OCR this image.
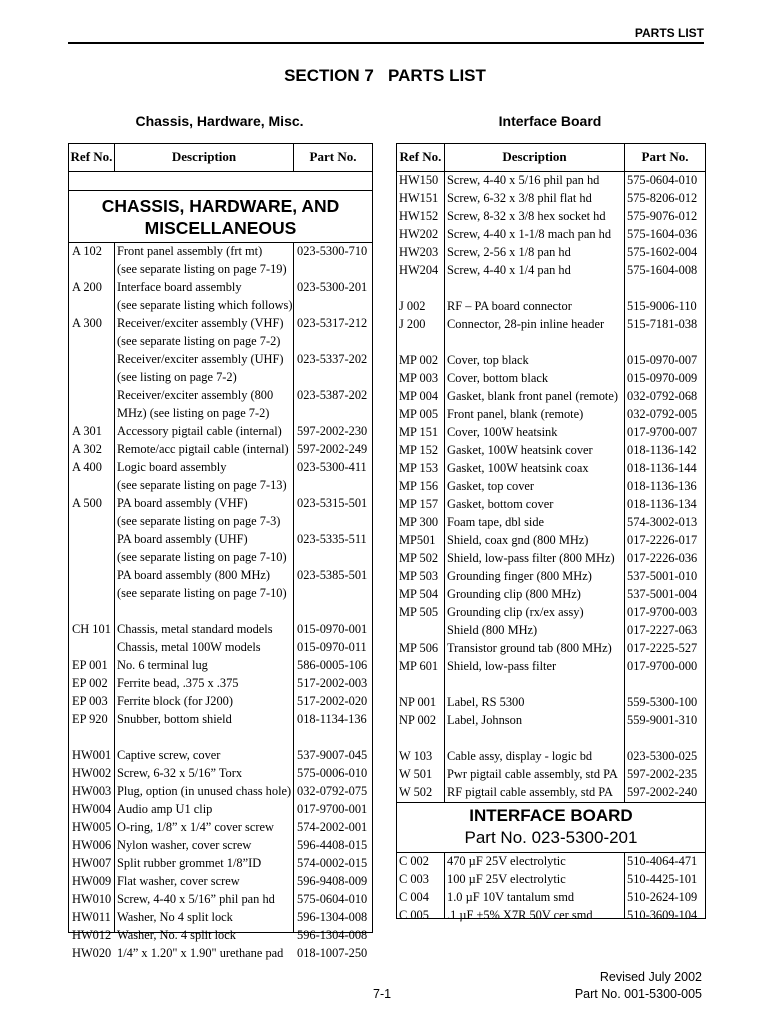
PARTS LIST
SECTION 7   PARTS LIST
Chassis, Hardware, Misc.	Interface Board
Ref No.	Description	Part No.
CHASSIS, HARDWARE, AND
MISCELLANEOUS
A 102 Front panel assembly (frt mt)	023-5300-710
(see separate listing on page 7-19)
A 200 Interface board assembly	023-5300-201
(see separate listing which follows)
A 300 Receiver/exciter assembly (VHF) 023-5317-212
(see separate listing on page 7-2)
Receiver/exciter assembly (UHF) 023-5337-202
(see listing on page 7-2)
Receiver/exciter assembly (800 023-5387-202
MHz) (see listing on page 7-2)
A 301 Accessory pigtail cable (internal) 597-2002-230
A 302 Remote/acc pigtail cable (internal) 597-2002-249
A 400 Logic board assembly	023-5300-411
(see separate listing on page 7-13)
A 500 PA board assembly (VHF)	023-5315-501
(see separate listing on page 7-3)
PA board assembly (UHF)	023-5335-511
(see separate listing on page 7-10)
PA board assembly (800 MHz) 023-5385-501
(see separate listing on page 7-10)
CH 101 Chassis, metal standard models 015-0970-001
Chassis, metal 100W models	015-0970-011
EP 001 No. 6 terminal lug	586-0005-106
EP 002 Ferrite bead, .375 x .375	517-2002-003
EP 003 Ferrite block (for J200)	517-2002-020
EP 920 Snubber, bottom shield	018-1134-136
HW001 Captive screw, cover	537-9007-045
HW002 Screw, 6-32 x 5/16” Torx	575-0006-010
HW003 Plug, option (in unused chass hole) 032-0792-075
HW004 Audio amp U1 clip	017-9700-001
HW005 O-ring, 1/8” x 1/4” cover screw 574-2002-001
HW006 Nylon washer, cover screw	596-4408-015
HW007 Split rubber grommet 1/8”ID	574-0002-015
HW009 Flat washer, cover screw	596-9408-009
HW010 Screw, 4-40 x 5/16” phil pan hd 575-0604-010
HW011 Washer, No 4 split lock	596-1304-008
HW012 Washer, No. 4 split lock	596-1304-008
HW020 1/4” x 1.20" x 1.90" urethane pad 018-1007-250
Ref No.	Description	Part No.
HW150 Screw, 4-40 x 5/16 phil pan hd 575-0604-010
HW151 Screw, 6-32 x 3/8 phil flat hd	575-8206-012
HW152 Screw, 8-32 x 3/8 hex socket hd 575-9076-012
HW202 Screw, 4-40 x 1-1/8 mach pan hd 575-1604-036
HW203 Screw, 2-56 x 1/8 pan hd	575-1602-004
HW204 Screw, 4-40 x 1/4 pan hd	575-1604-008
J 002 RF – PA board connector	515-9006-110
J 200 Connector, 28-pin inline header 515-7181-038
MP 002 Cover, top black	015-0970-007
MP 003 Cover, bottom black	015-0970-009
MP 004 Gasket, blank front panel (remote) 032-0792-068
MP 005 Front panel, blank (remote)	032-0792-005
MP 151 Cover, 100W heatsink	017-9700-007
MP 152 Gasket, 100W heatsink cover	018-1136-142
MP 153 Gasket, 100W heatsink coax	018-1136-144
MP 156 Gasket, top cover	018-1136-136
MP 157 Gasket, bottom cover	018-1136-134
MP 300 Foam tape, dbl side	574-3002-013
MP501 Shield, coax gnd (800 MHz)	017-2226-017
MP 502 Shield, low-pass filter (800 MHz) 017-2226-036
MP 503 Grounding finger (800 MHz)	537-5001-010
MP 504 Grounding clip (800 MHz)	537-5001-004
MP 505 Grounding clip (rx/ex assy)	017-9700-003
Shield (800 MHz)	017-2227-063
MP 506 Transistor ground tab (800 MHz) 017-2225-527
MP 601 Shield, low-pass filter	017-9700-000
NP 001 Label, RS 5300	559-5300-100
NP 002 Label, Johnson	559-9001-310
W 103 Cable assy, display - logic bd	023-5300-025
W 501 Pwr pigtail cable assembly, std PA 597-2002-235
W 502 RF pigtail cable assembly, std PA 597-2002-240
INTERFACE BOARD
Part No. 023-5300-201
C 002 470 µF 25V electrolytic	510-4064-471
C 003 100 µF 25V electrolytic	510-4425-101
C 004 1.0 µF 10V tantalum smd	510-2624-109
C 005 .1 µF ±5% X7R 50V cer smd	510-3609-104
7-1
Revised July 2002
Part No. 001-5300-005
